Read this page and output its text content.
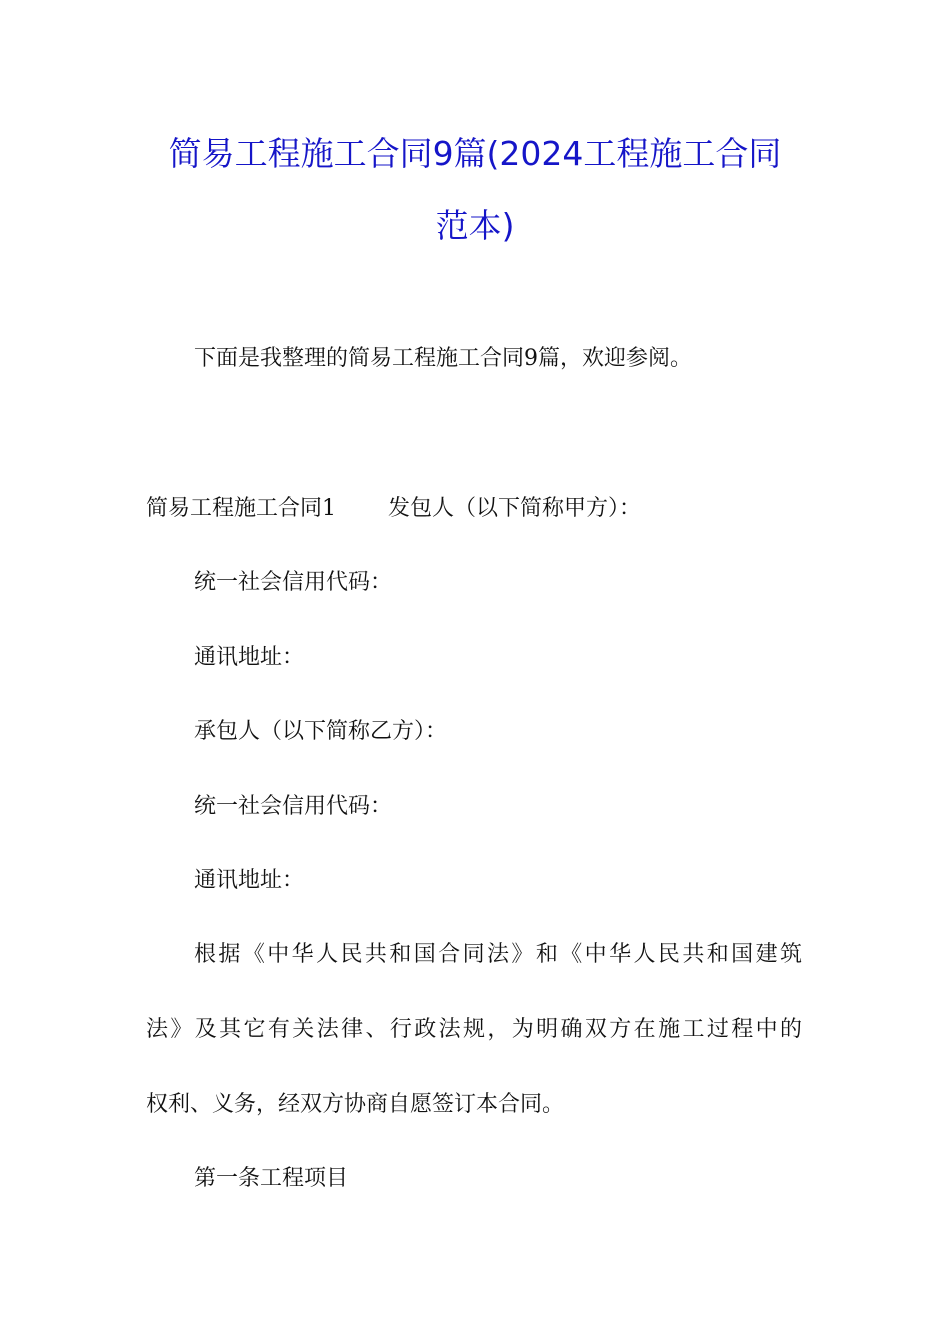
简易工程施工合同9篇(2024工程施工合同
范本)
下面是我整理的简易工程施工合同9篇，欢迎参阅。
简易工程施工合同1 发包人（以下简称甲方）：
统一社会信用代码：
通讯地址：
承包人（以下简称乙方）：
统一社会信用代码：
通讯地址：
根据《中华人民共和国合同法》和《中华人民共和国建筑
法》及其它有关法律、行政法规，为明确双方在施工过程中的
权利、义务，经双方协商自愿签订本合同。
第一条工程项目
